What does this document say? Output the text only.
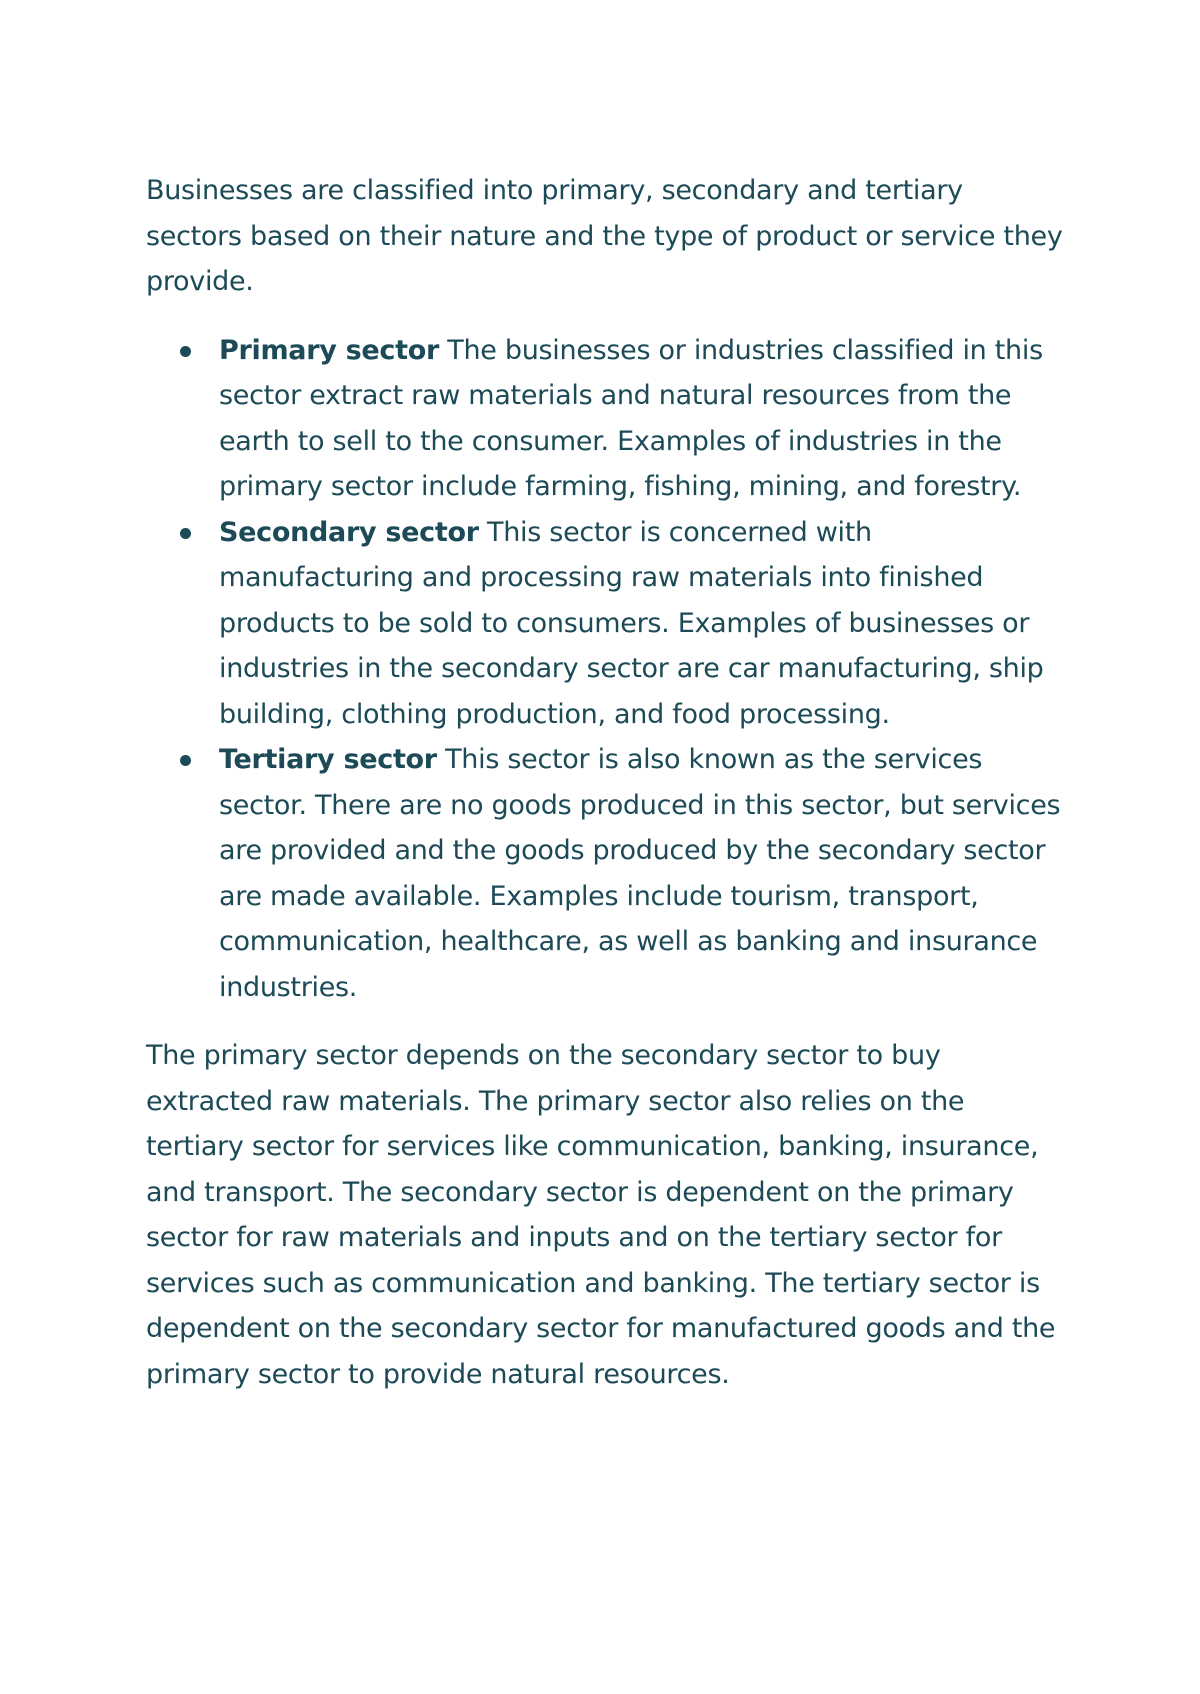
Businesses are classified into primary, secondary and tertiary sectors based on their nature and the type of product or service they provide.

Primary sector The businesses or industries classified in this sector extract raw materials and natural resources from the earth to sell to the consumer. Examples of industries in the primary sector include farming, fishing, mining, and forestry.
Secondary sector This sector is concerned with manufacturing and processing raw materials into finished products to be sold to consumers. Examples of businesses or industries in the secondary sector are car manufacturing, ship building, clothing production, and food processing.
Tertiary sector This sector is also known as the services sector. There are no goods produced in this sector, but services are provided and the goods produced by the secondary sector are made available. Examples include tourism, transport, communication, healthcare, as well as banking and insurance industries.

The primary sector depends on the secondary sector to buy extracted raw materials. The primary sector also relies on the tertiary sector for services like communication, banking, insurance, and transport. The secondary sector is dependent on the primary sector for raw materials and inputs and on the tertiary sector for services such as communication and banking. The tertiary sector is dependent on the secondary sector for manufactured goods and the primary sector to provide natural resources.
